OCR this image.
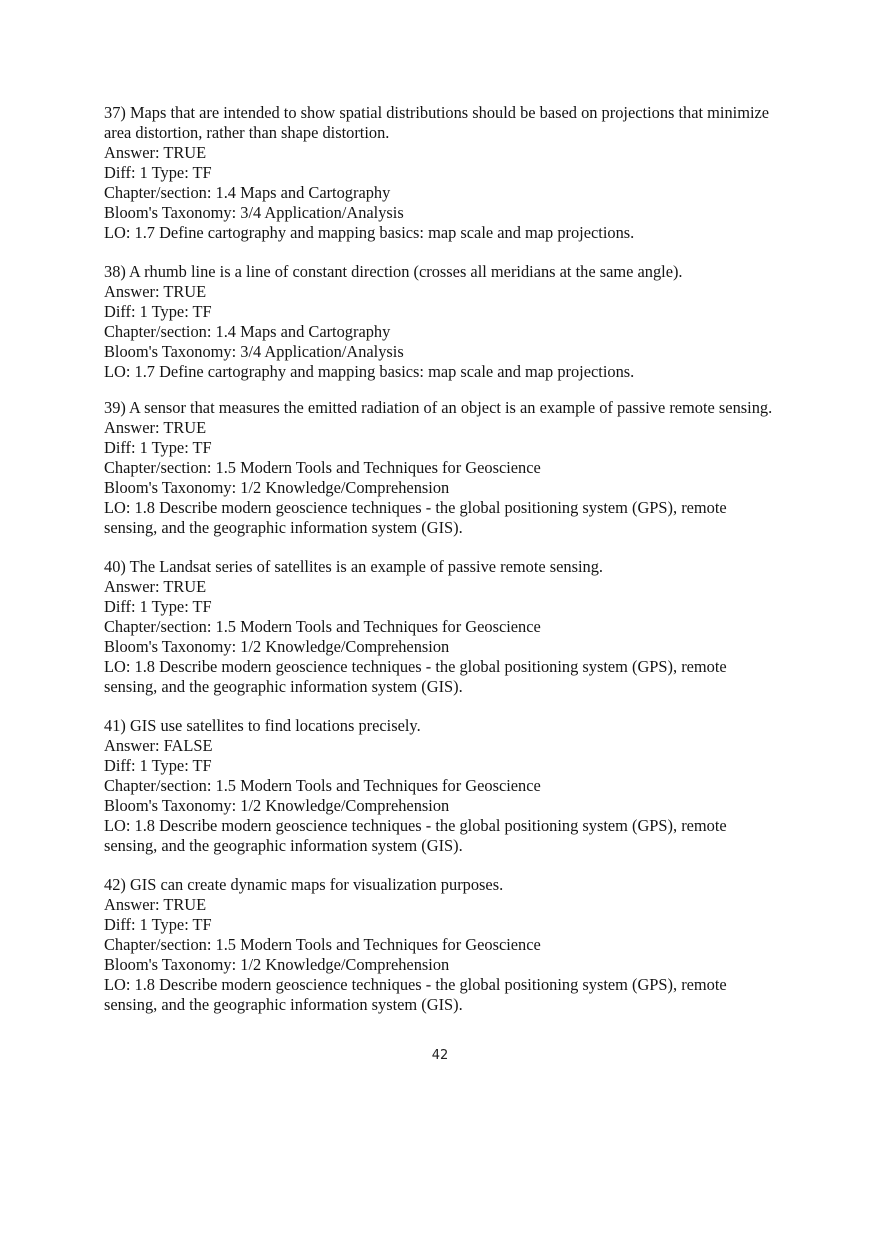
37) Maps that are intended to show spatial distributions should be based on projections that minimize area distortion, rather than shape distortion.

Answer: TRUE

Diff: 1 Type: TF

Chapter/section: 1.4 Maps and Cartography

Bloom's Taxonomy: 3/4 Application/Analysis

LO: 1.7 Define cartography and mapping basics: map scale and map projections.

38) A rhumb line is a line of constant direction (crosses all meridians at the same angle).

Answer: TRUE

Diff: 1 Type: TF

Chapter/section: 1.4 Maps and Cartography

Bloom's Taxonomy: 3/4 Application/Analysis

LO: 1.7 Define cartography and mapping basics: map scale and map projections.

39) A sensor that measures the emitted radiation of an object is an example of passive remote sensing.

Answer: TRUE

Diff: 1 Type: TF

Chapter/section: 1.5 Modern Tools and Techniques for Geoscience

Bloom's Taxonomy: 1/2 Knowledge/Comprehension

LO: 1.8 Describe modern geoscience techniques - the global positioning system (GPS), remote sensing, and the geographic information system (GIS).

40) The Landsat series of satellites is an example of passive remote sensing.

Answer: TRUE

Diff: 1 Type: TF

Chapter/section: 1.5 Modern Tools and Techniques for Geoscience

Bloom's Taxonomy: 1/2 Knowledge/Comprehension

LO: 1.8 Describe modern geoscience techniques - the global positioning system (GPS), remote sensing, and the geographic information system (GIS).

41) GIS use satellites to find locations precisely.

Answer: FALSE

Diff: 1 Type: TF

Chapter/section: 1.5 Modern Tools and Techniques for Geoscience

Bloom's Taxonomy: 1/2 Knowledge/Comprehension

LO: 1.8 Describe modern geoscience techniques - the global positioning system (GPS), remote sensing, and the geographic information system (GIS).

42) GIS can create dynamic maps for visualization purposes.

Answer: TRUE

Diff: 1 Type: TF

Chapter/section: 1.5 Modern Tools and Techniques for Geoscience

Bloom's Taxonomy: 1/2 Knowledge/Comprehension

LO: 1.8 Describe modern geoscience techniques - the global positioning system (GPS), remote sensing, and the geographic information system (GIS).

42
